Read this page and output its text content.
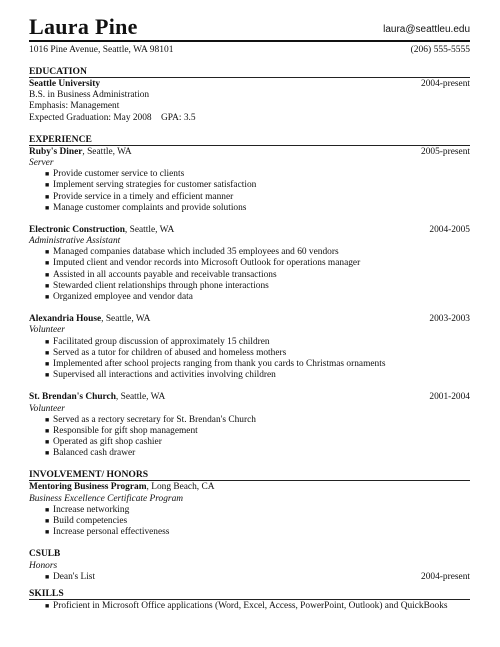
Laura Pine	laura@seattleu.edu
1016 Pine Avenue, Seattle, WA 98101	(206) 555-5555
EDUCATION
Seattle University	2004-present
B.S. in Business Administration
Emphasis: Management
Expected Graduation: May 2008 GPA: 3.5
EXPERIENCE
Ruby's Diner, Seattle, WA	2005-present
Server
■ Provide customer service to clients
■ Implement serving strategies for customer satisfaction
■ Provide service in a timely and efficient manner
■ Manage customer complaints and provide solutions
Electronic Construction, Seattle, WA	2004-2005
Administrative Assistant
■ Managed companies database which included 35 employees and 60 vendors
■ Imputed client and vendor records into Microsoft Outlook for operations manager
■ Assisted in all accounts payable and receivable transactions
■ Stewarded client relationships through phone interactions
■ Organized employee and vendor data
Alexandria House, Seattle, WA	2003-2003
Volunteer
■ Facilitated group discussion of approximately 15 children
■ Served as a tutor for children of abused and homeless mothers
■ Implemented after school projects ranging from thank you cards to Christmas ornaments
■ Supervised all interactions and activities involving children
St. Brendan's Church, Seattle, WA	2001-2004
Volunteer
■ Served as a rectory secretary for St. Brendan's Church
■ Responsible for gift shop management
■ Operated as gift shop cashier
■ Balanced cash drawer
INVOLVEMENT/ HONORS
Mentoring Business Program, Long Beach, CA
Business Excellence Certificate Program
■ Increase networking
■ Build competencies
■ Increase personal effectiveness
CSULB
Honors
■ Dean's List	2004-present
SKILLS
■ Proficient in Microsoft Office applications (Word, Excel, Access, PowerPoint, Outlook) and QuickBooks
